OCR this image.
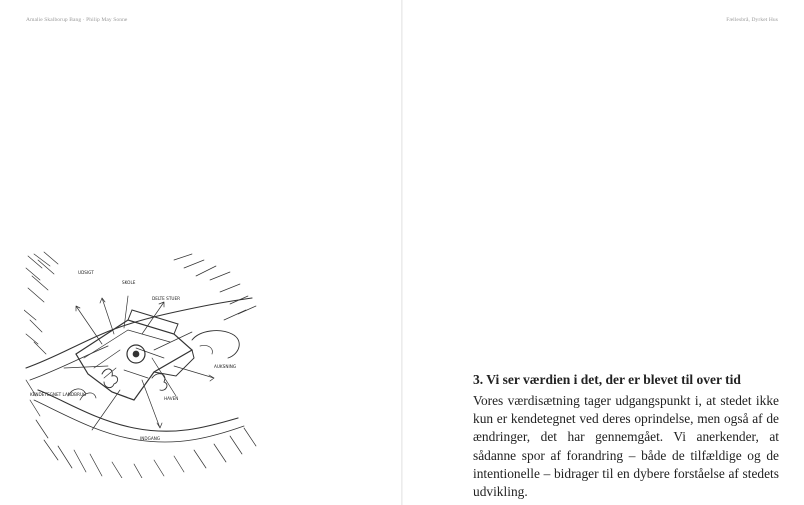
Amalie Skalborup Bang · Philip May Sonne
UDSIGT
SKOLE
DELTE STUER
AUKSNING
KENDETEGNET LANDBRUG
HAVEN
INDGANG
Fællesbrå, Dyrket Hus
3. Vi ser værdien i det, der er blevet til over tid

Vores værdisætning tager udgangspunkt i, at stedet ikke kun er kendetegnet ved deres oprindelse, men også af de ændringer, det har gennemgået. Vi anerkender, at sådanne spor af forandring – både de tilfældige og de intentionelle – bidrager til en dybere forståelse af stedets udvikling.
